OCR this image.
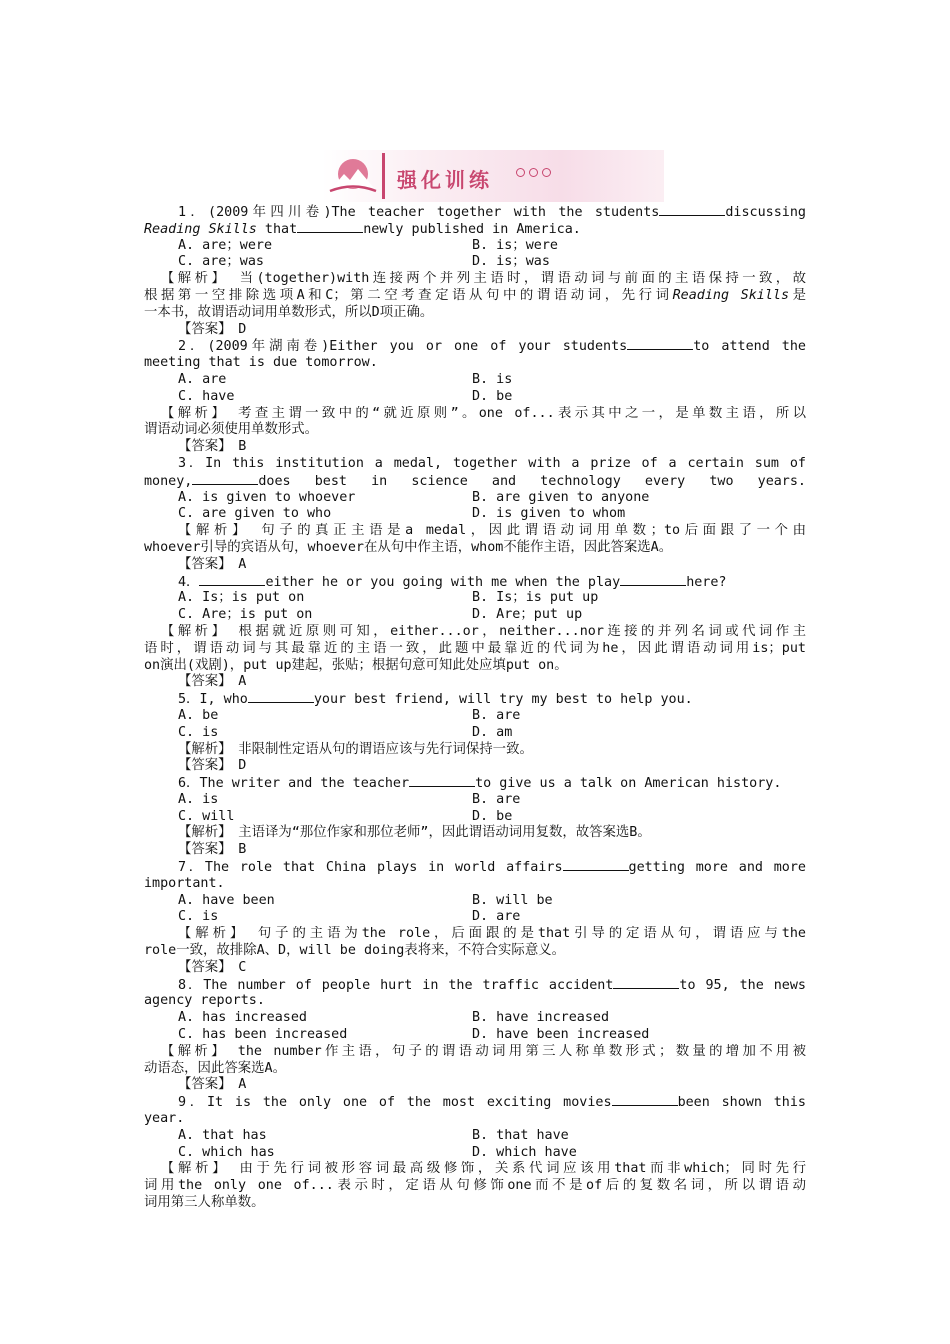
强化训练
1．(2009年四川卷)The teacher together with the students	discussing
Reading Skills that	newly published in America.
A. are；were	B. is；were
C. are；was	D. is；was
【解析】 当(together)with连接两个并列主语时，谓语动词与前面的主语保持一致，故
根据第一空排除选项A和C；第二空考查定语从句中的谓语动词，先行词Reading Skills是
一本书，故谓语动词用单数形式，所以D项正确。
【答案】　D
2．(2009年湖南卷)Either you or one of your students	to attend the
meeting that is due tomorrow.
A. are	B. is
C. have	D. be
【解析】　考查主谓一致中的“就近原则”。one of...表示其中之一，是单数主语，所以
谓语动词必须使用单数形式。
【答案】　B
3．In this institution a medal, together with a prize of a certain sum of
money,	does best in science and technology every two years.
A. is given to whoever	B. are given to anyone
C. are given to who	D. is given to whom
【解析】　句子的真正主语是a medal，因此谓语动词用单数；to后面跟了一个由
whoever引导的宾语从句，whoever在从句中作主语，whom不能作主语，因此答案选A。
【答案】　A
4．	either he or you going with me when the play	here?
A. Is；is put on	B. Is；is put up
C. Are；is put on	D. Are；put up
【解析】　根据就近原则可知，either...or，neither...nor连接的并列名词或代词作主
语时，谓语动词与其最靠近的主语一致，此题中最靠近的代词为he，因此谓语动词用is；put
on演出(戏剧)，put up建起，张贴；根据句意可知此处应填put on。
【答案】　A
5．I, who	your best friend, will try my best to help you.
A. be	B. are
C. is	D. am
【解析】　非限制性定语从句的谓语应该与先行词保持一致。
【答案】　D
6．The writer and the teacher	to give us a talk on American history.
A. is	B. are
C. will	D. be
【解析】　主语译为“那位作家和那位老师”，因此谓语动词用复数，故答案选B。
【答案】　B
7．The role that China plays in world affairs	getting more and more
important.
A. have been	B. will be
C. is	D. are
【解析】　句子的主语为the role，后面跟的是that引导的定语从句，谓语应与the
role一致，故排除A、D，will be doing表将来，不符合实际意义。
【答案】　C
8．The number of people hurt in the traffic accident	to 95, the news
agency reports.
A. has increased	B. have increased
C. has been increased	D. have been increased
【解析】　the number作主语，句子的谓语动词用第三人称单数形式；数量的增加不用被
动语态，因此答案选A。
【答案】　A
9．It is the only one of the most exciting movies	been shown this
year.
A. that has	B. that have
C. which has	D. which have
【解析】　由于先行词被形容词最高级修饰，关系代词应该用that而非which；同时先行
词用the only one of...表示时，定语从句修饰one而不是of后的复数名词，所以谓语动
词用第三人称单数。
